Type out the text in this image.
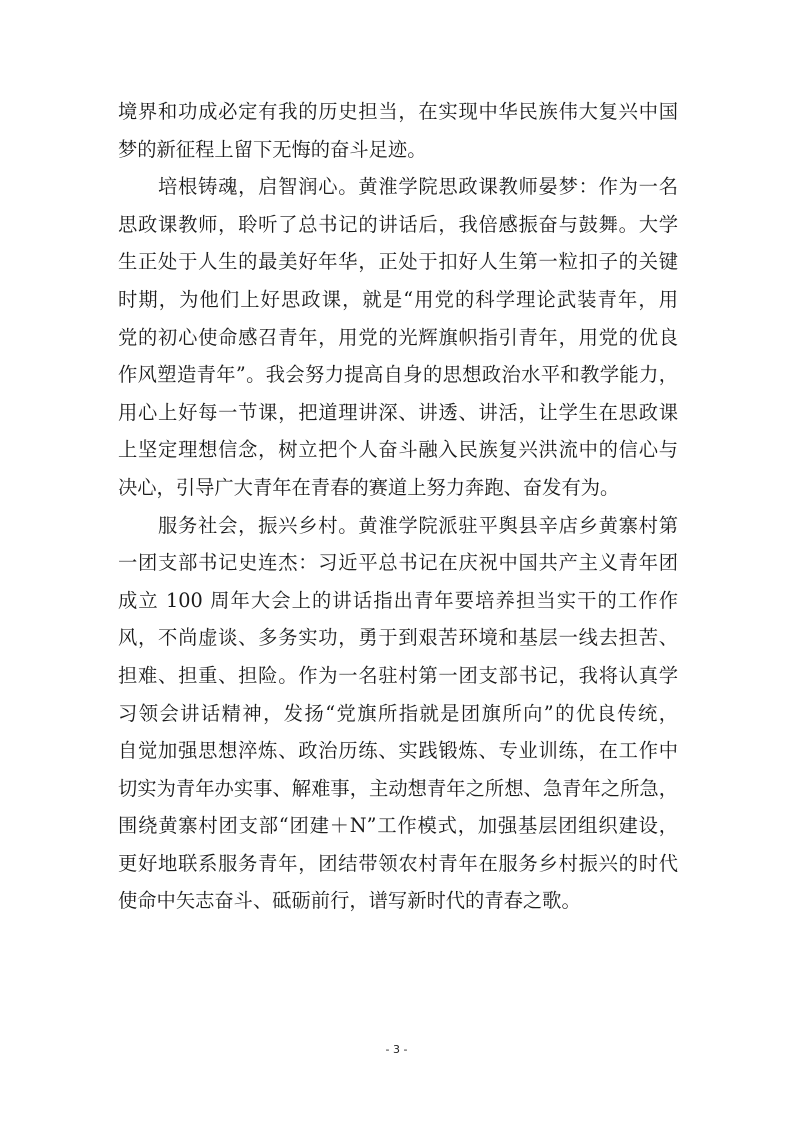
境界和功成必定有我的历史担当，在实现中华民族伟大复兴中国
梦的新征程上留下无悔的奋斗足迹。
培根铸魂，启智润心。黄淮学院思政课教师晏梦：作为一名
思政课教师，聆听了总书记的讲话后，我倍感振奋与鼓舞。大学
生正处于人生的最美好年华，正处于扣好人生第一粒扣子的关键
时期，为他们上好思政课，就是“用党的科学理论武装青年，用
党的初心使命感召青年，用党的光辉旗帜指引青年，用党的优良
作风塑造青年”。我会努力提高自身的思想政治水平和教学能力，
用心上好每一节课，把道理讲深、讲透、讲活，让学生在思政课
上坚定理想信念，树立把个人奋斗融入民族复兴洪流中的信心与
决心，引导广大青年在青春的赛道上努力奔跑、奋发有为。
服务社会，振兴乡村。黄淮学院派驻平舆县辛店乡黄寨村第
一团支部书记史连杰：习近平总书记在庆祝中国共产主义青年团
成立 100 周年大会上的讲话指出青年要培养担当实干的工作作
风，不尚虚谈、多务实功，勇于到艰苦环境和基层一线去担苦、
担难、担重、担险。作为一名驻村第一团支部书记，我将认真学
习领会讲话精神，发扬“党旗所指就是团旗所向”的优良传统，
自觉加强思想淬炼、政治历练、实践锻炼、专业训练，在工作中
切实为青年办实事、解难事，主动想青年之所想、急青年之所急，
围绕黄寨村团支部“团建＋N”工作模式，加强基层团组织建设，
更好地联系服务青年，团结带领农村青年在服务乡村振兴的时代
使命中矢志奋斗、砥砺前行，谱写新时代的青春之歌。
- 3 -
